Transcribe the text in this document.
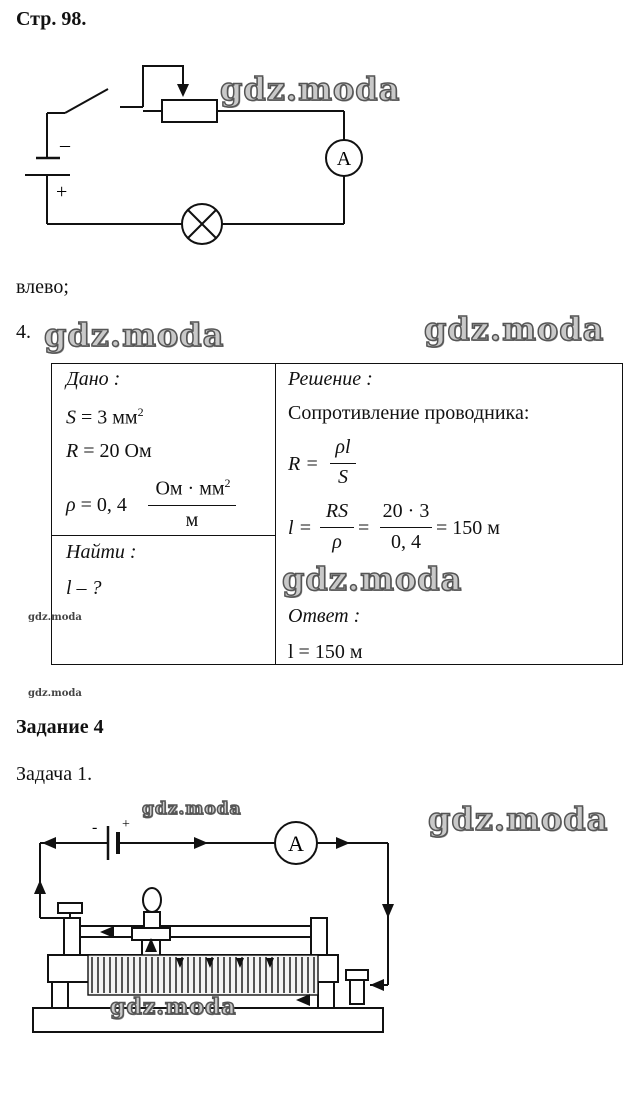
Стр. 98.
–
+
A
gdz.moda
влево;
4. gdz.moda	gdz.moda
Дано :
S = 3 $мм^2$
R = 20 Ом
ρ = 0, 4
Ом · $мм^2$
м
Найти :
l – ?
Решение :
Сопротивление проводника:
R =
ρl
S
l =
RS
ρ
=
20 · 3
0, 4
= 150 м
gdz.moda
Ответ :
l = 150 м
gdz.moda
gdz.moda
Задание 4
Задача 1.
- +
A
gdz.moda	gdz.moda
gdz.moda
